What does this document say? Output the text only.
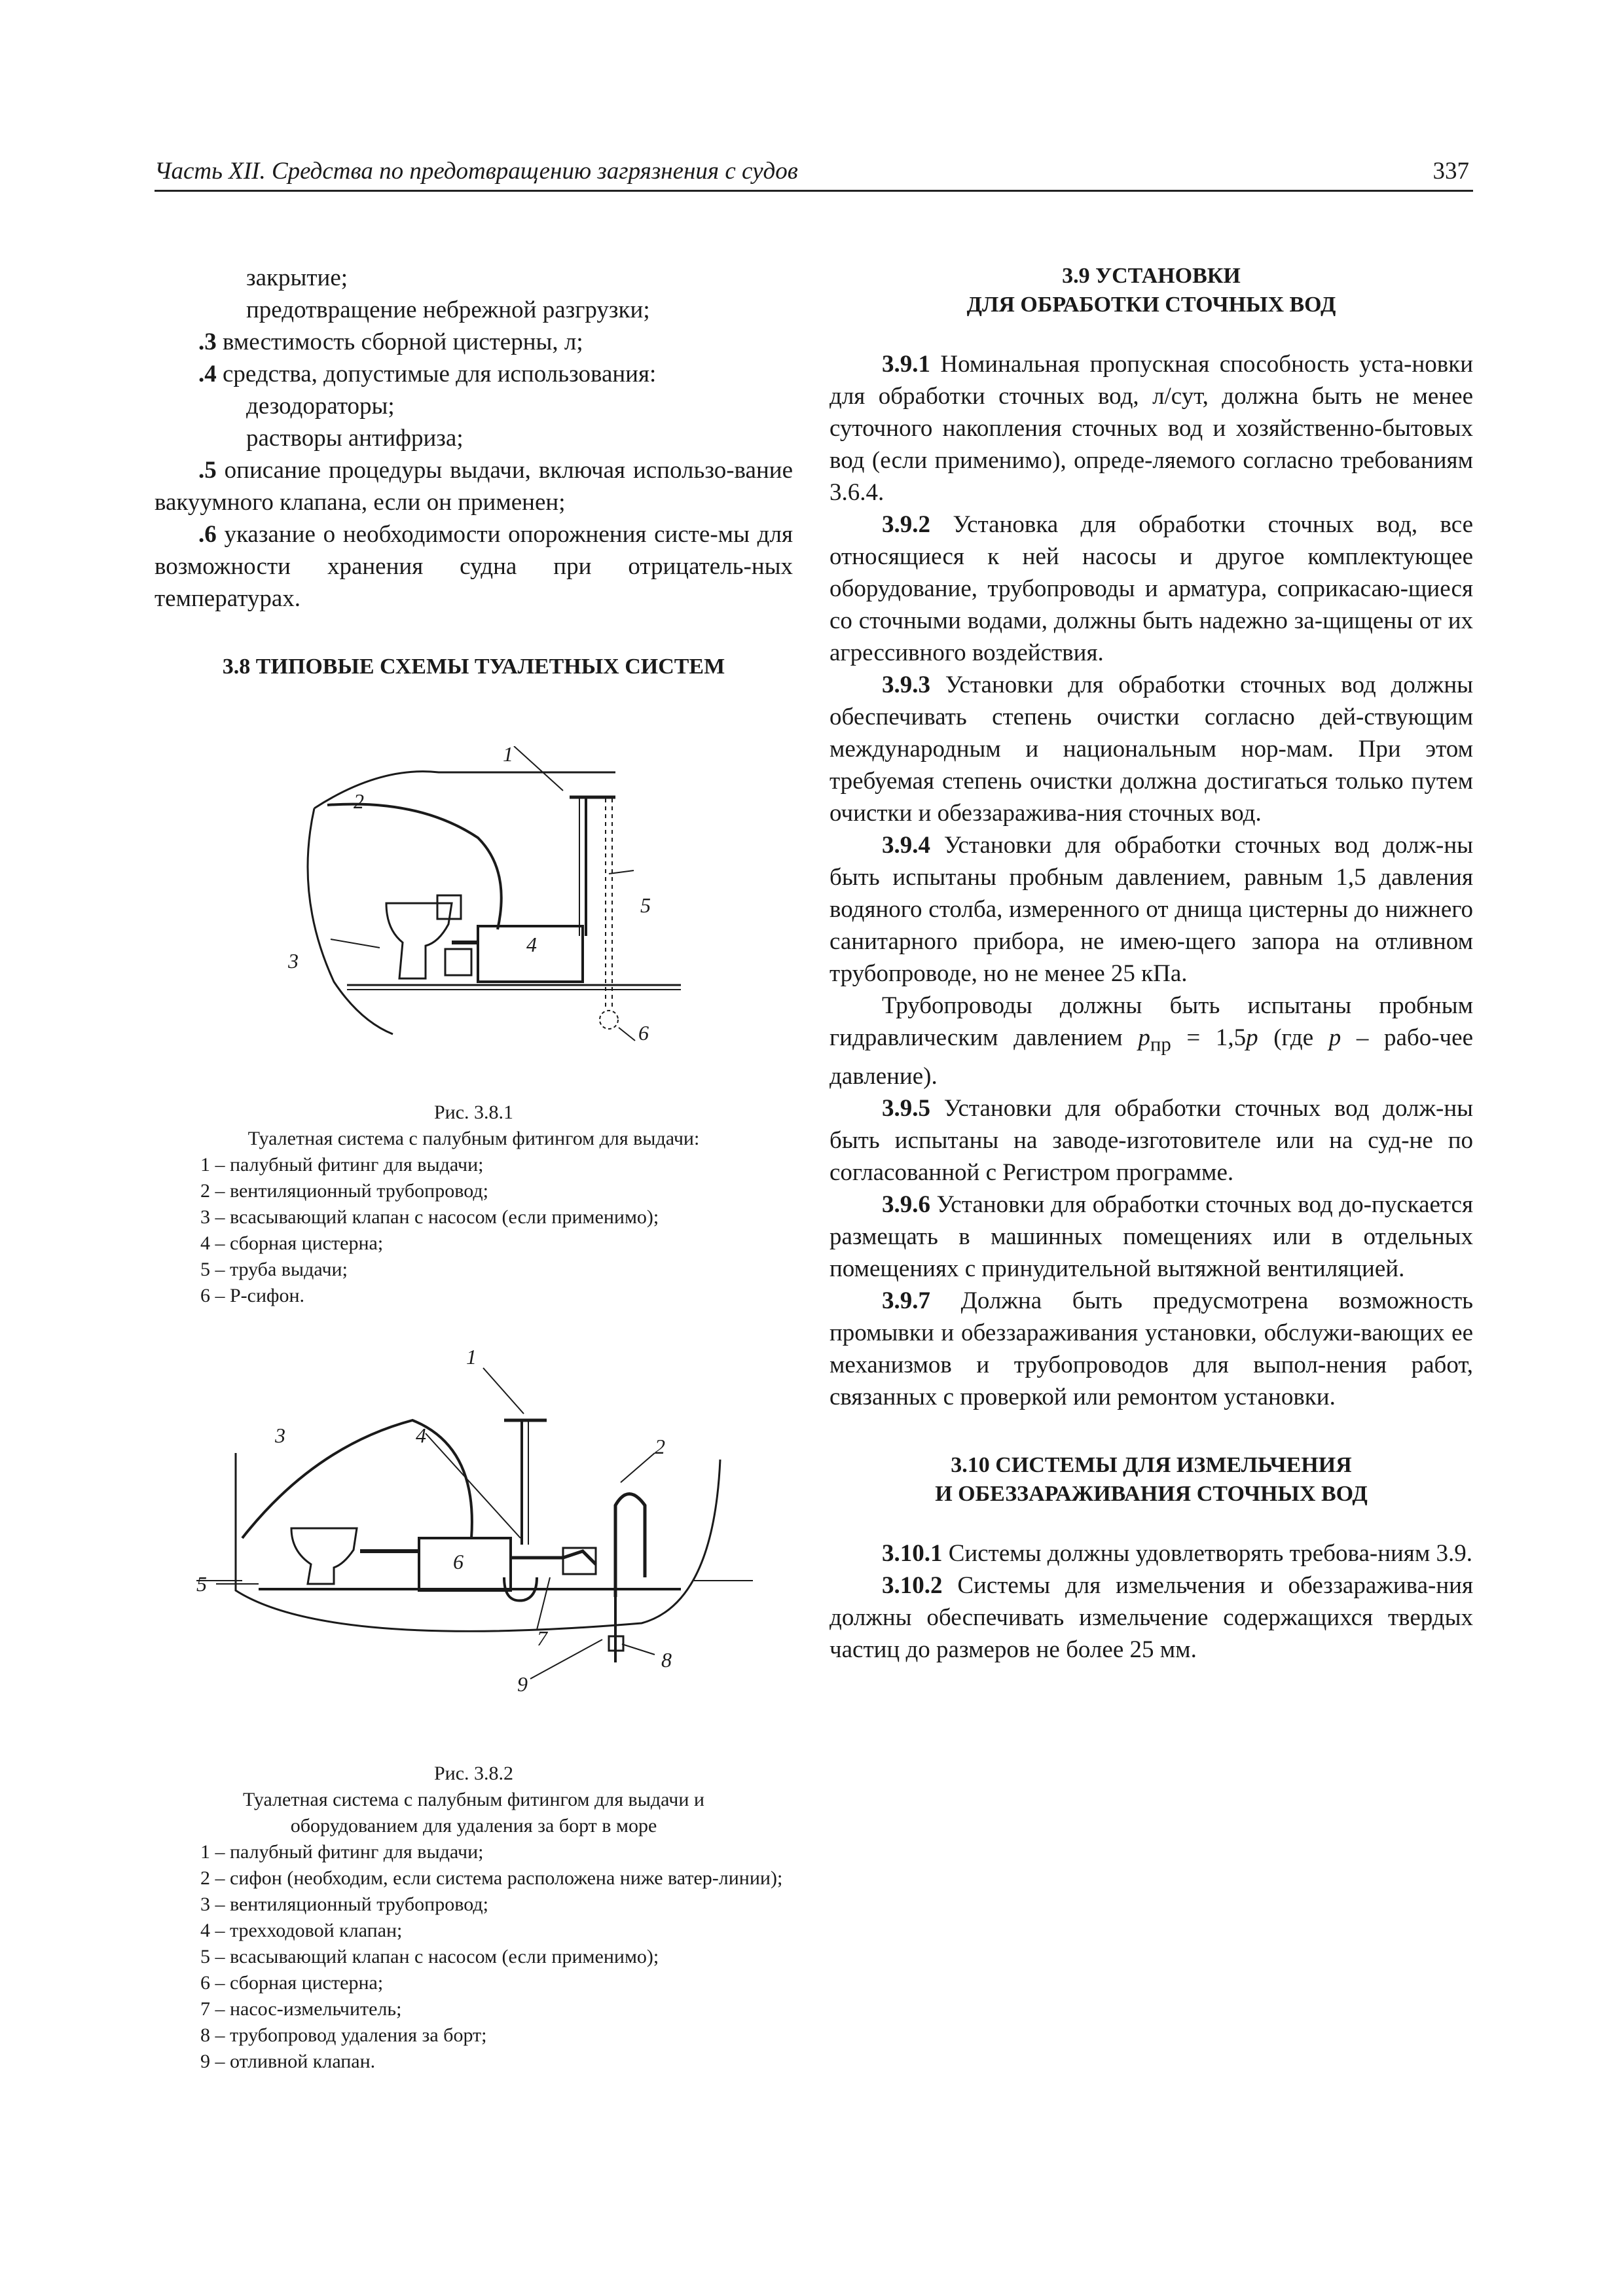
Часть XII. Средства по предотвращению загрязнения с судов	337

закрытие;

предотвращение небрежной разгрузки;

.3 вместимость сборной цистерны, л;

.4 средства, допустимые для использования:

дезодораторы;

растворы антифриза;

.5 описание процедуры выдачи, включая использо-вание вакуумного клапана, если он применен;

.6 указание о необходимости опорожнения систе-мы для возможности хранения судна при отрицатель-ных температурах.

3.8 ТИПОВЫЕ СХЕМЫ ТУАЛЕТНЫХ СИСТЕМ

1
2
3
4
5
6
Рис. 3.8.1
Туалетная система с палубным фитингом для выдачи:
1 – палубный фитинг для выдачи;
2 – вентиляционный трубопровод;
3 – всасывающий клапан с насосом (если применимо);
4 – сборная цистерна;
5 – труба выдачи;
6 – Р-сифон.
1
2
3	4
5
6
7
8
9
Рис. 3.8.2
Туалетная система с палубным фитингом для выдачи и оборудованием для удаления за борт в море
1 – палубный фитинг для выдачи;
2 – сифон (необходим, если система расположена ниже ватер-линии);
3 – вентиляционный трубопровод;
4 – трехходовой клапан;
5 – всасывающий клапан с насосом (если применимо);
6 – сборная цистерна;
7 – насос-измельчитель;
8 – трубопровод удаления за борт;
9 – отливной клапан.

3.9 УСТАНОВКИ

ДЛЯ ОБРАБОТКИ СТОЧНЫХ ВОД

3.9.1 Номинальная пропускная способность уста-новки для обработки сточных вод, л/сут, должна быть не менее суточного накопления сточных вод и хозяйственно-бытовых вод (если применимо), опреде-ляемого согласно требованиям 3.6.4.

3.9.2 Установка для обработки сточных вод, все относящиеся к ней насосы и другое комплектующее оборудование, трубопроводы и арматура, соприкасаю-щиеся со сточными водами, должны быть надежно за-щищены от их агрессивного воздействия.

3.9.3 Установки для обработки сточных вод должны обеспечивать степень очистки согласно дей-ствующим международным и национальным нор-мам. При этом требуемая степень очистки должна достигаться только путем очистки и обеззаражива-ния сточных вод.

3.9.4 Установки для обработки сточных вод долж-ны быть испытаны пробным давлением, равным 1,5 давления водяного столба, измеренного от днища цистерны до нижнего санитарного прибора, не имею-щего запора на отливном трубопроводе, но не менее 25 кПа.

Трубопроводы должны быть испытаны пробным гидравлическим давлением $p_{пр} = 1,5p$ (где p – рабо-чее давление).

3.9.5 Установки для обработки сточных вод долж-ны быть испытаны на заводе-изготовителе или на суд-не по согласованной с Регистром программе.

3.9.6 Установки для обработки сточных вод до-пускается размещать в машинных помещениях или в отдельных помещениях с принудительной вытяжной вентиляцией.

3.9.7 Должна быть предусмотрена возможность промывки и обеззараживания установки, обслужи-вающих ее механизмов и трубопроводов для выпол-нения работ, связанных с проверкой или ремонтом установки.

3.10 СИСТЕМЫ ДЛЯ ИЗМЕЛЬЧЕНИЯ

И ОБЕЗЗАРАЖИВАНИЯ СТОЧНЫХ ВОД

3.10.1 Системы должны удовлетворять требова-ниям 3.9.

3.10.2 Системы для измельчения и обеззаражива-ния должны обеспечивать измельчение содержащихся твердых частиц до размеров не более 25 мм.
